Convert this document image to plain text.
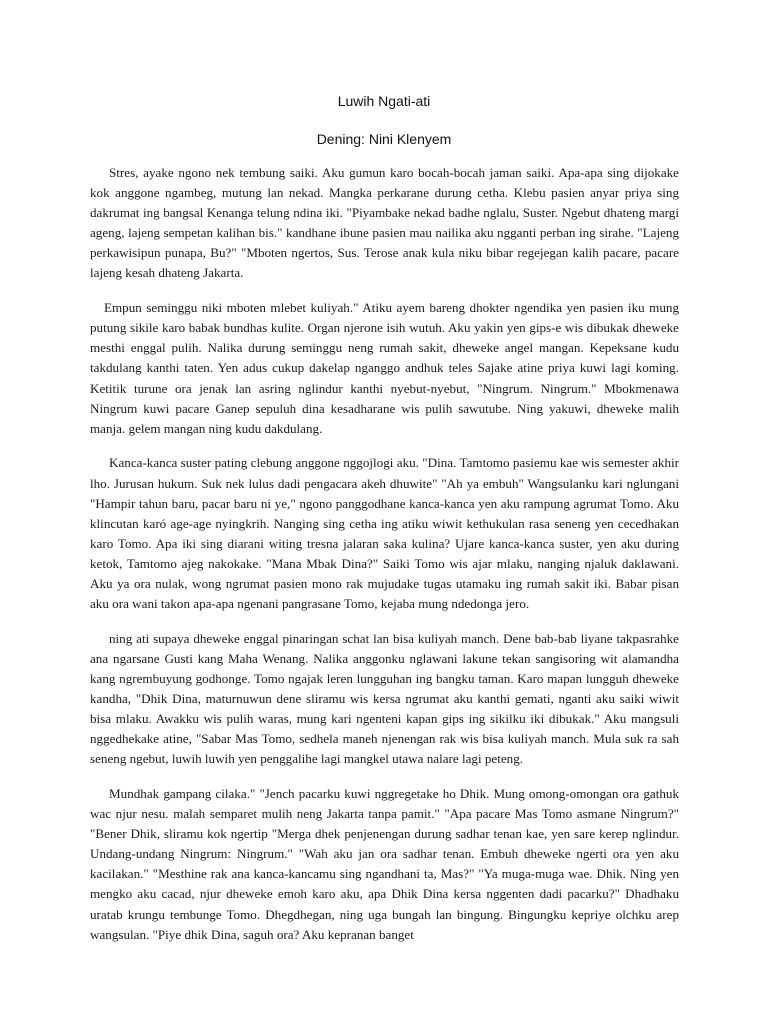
Luwih Ngati-ati

Dening: Nini Klenyem

Stres, ayake ngono nek tembung saiki. Aku gumun karo bocah-bocah jaman saiki. Apa-apa sing dijokake kok anggone ngambeg, mutung lan nekad. Mangka perkarane durung cetha. Klebu pasien anyar priya sing dakrumat ing bangsal Kenanga telung ndina iki. "Piyambake nekad badhe nglalu, Suster. Ngebut dhateng margi ageng, lajeng sempetan kalihan bis." kandhane ibune pasien mau nailika aku ngganti perban ing sirahe. "Lajeng perkawisipun punapa, Bu?" "Mboten ngertos, Sus. Terose anak kula niku bibar regejegan kalih pacare, pacare lajeng kesah dhateng Jakarta.

Empun seminggu niki mboten mlebet kuliyah." Atiku ayem bareng dhokter ngendika yen pasien iku mung putung sikile karo babak bundhas kulite. Organ njerone isih wutuh. Aku yakin yen gips-e wis dibukak dheweke mesthi enggal pulih. Nalika durung seminggu neng rumah sakit, dheweke angel mangan. Kepeksane kudu takdulang kanthi taten. Yen adus cukup dakelap nganggo andhuk teles Sajake atine priya kuwi lagi koming. Ketitik turune ora jenak lan asring nglindur kanthi nyebut-nyebut, "Ningrum. Ningrum." Mbokmenawa Ningrum kuwi pacare Ganep sepuluh dina kesadharane wis pulih sawutube. Ning yakuwi, dheweke malih manja. gelem mangan ning kudu dakdulang.

Kanca-kanca suster pating clebung anggone nggojlogi aku. "Dina. Tamtomo pasiemu kae wis semester akhir lho. Jurusan hukum. Suk nek lulus dadi pengacara akeh dhuwite" "Ah ya embuh" Wangsulanku kari nglungani "Hampir tahun baru, pacar baru ni ye," ngono panggodhane kanca-kanca yen aku rampung agrumat Tomo. Aku klincutan karó age-age nyingkrih. Nanging sing cetha ing atiku wiwit kethukulan rasa seneng yen cecedhakan karo Tomo. Apa iki sing diarani witing tresna jalaran saka kulina? Ujare kanca-kanca suster, yen aku during ketok, Tamtomo ajeg nakokake. "Mana Mbak Dina?" Saiki Tomo wis ajar mlaku, nanging njaluk daklawani. Aku ya ora nulak, wong ngrumat pasien mono rak mujudake tugas utamaku ing rumah sakit iki. Babar pisan aku ora wani takon apa-apa ngenani pangrasane Tomo, kejaba mung ndedonga jero.

ning ati supaya dheweke enggal pinaringan schat lan bisa kuliyah manch. Dene bab-bab liyane takpasrahke ana ngarsane Gusti kang Maha Wenang. Nalika anggonku nglawani lakune tekan sangisoring wit alamandha kang ngrembuyung godhonge. Tomo ngajak leren lungguhan ing bangku taman. Karo mapan lungguh dheweke kandha, "Dhik Dina, maturnuwun dene sliramu wis kersa ngrumat aku kanthi gemati, nganti aku saiki wiwit bisa mlaku. Awakku wis pulih waras, mung kari ngenteni kapan gips ing sikilku iki dibukak." Aku mangsuli nggedhekake atine, "Sabar Mas Tomo, sedhela maneh njenengan rak wis bisa kuliyah manch. Mula suk ra sah seneng ngebut, luwih luwih yen penggalihe lagi mangkel utawa nalare lagi peteng.

Mundhak gampang cilaka." "Jench pacarku kuwi nggregetake ho Dhik. Mung omong-omongan ora gathuk wac njur nesu. malah semparet mulih neng Jakarta tanpa pamit." "Apa pacare Mas Tomo asmane Ningrum?" "Bener Dhik, sliramu kok ngertip "Merga dhek penjenengan durung sadhar tenan kae, yen sare kerep nglindur. Undang-undang Ningrum: Ningrum." "Wah aku jan ora sadhar tenan. Embuh dheweke ngerti ora yen aku kacilakan." "Mesthine rak ana kanca-kancamu sing ngandhani ta, Mas?" "Ya muga-muga wae. Dhik. Ning yen mengko aku cacad, njur dheweke emoh karo aku, apa Dhik Dina kersa nggenten dadi pacarku?" Dhadhaku uratab krungu tembunge Tomo. Dhegdhegan, ning uga bungah lan bingung. Bingungku kepriye olchku arep wangsulan. "Piye dhik Dina, saguh ora? Aku kepranan banget
